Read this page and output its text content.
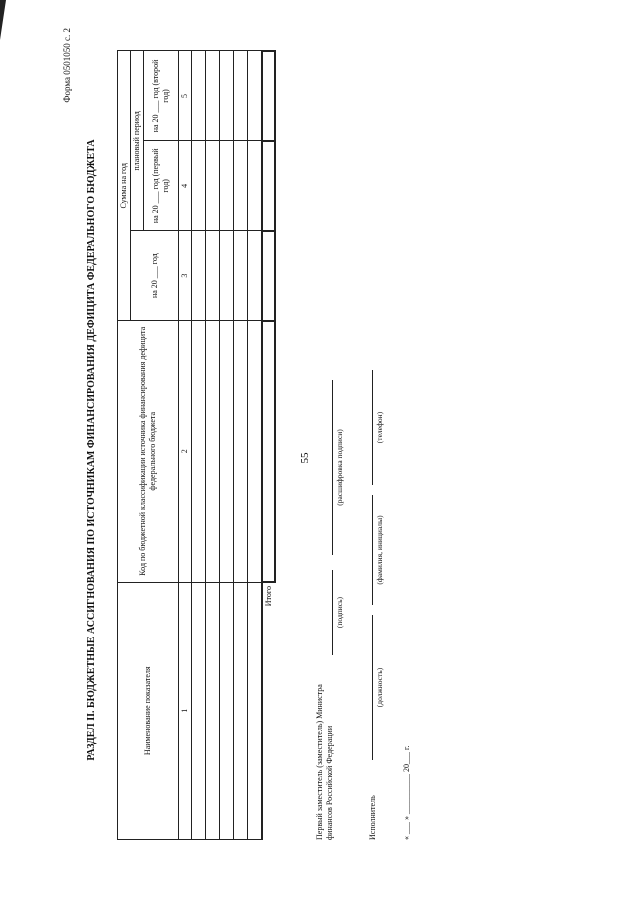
55
Форма 0501050 с. 2
РАЗДЕЛ II. БЮДЖЕТНЫЕ АССИГНОВАНИЯ ПО ИСТОЧНИКАМ ФИНАНСИРОВАНИЯ ДЕФИЦИТА ФЕДЕРАЛЬНОГО БЮДЖЕТА	Наименование показателя	Код по бюджетной классификации источника финансирования дефицита федерального бюджета	Сумма на год		
		на 20 ___ год	плановый период	
			на 20 ___ год (первый год)	на 20 ___ год (второй год)
1	2	3	4	5

Итого				
Первый заместитель (заместитель) Министра финансов Российской Федерации
(подпись)
(расшифровка подписи)
Исполнитель
(должность)
(фамилия, инициалы)
(телефон)
« ___ » __________ 20___ г.
